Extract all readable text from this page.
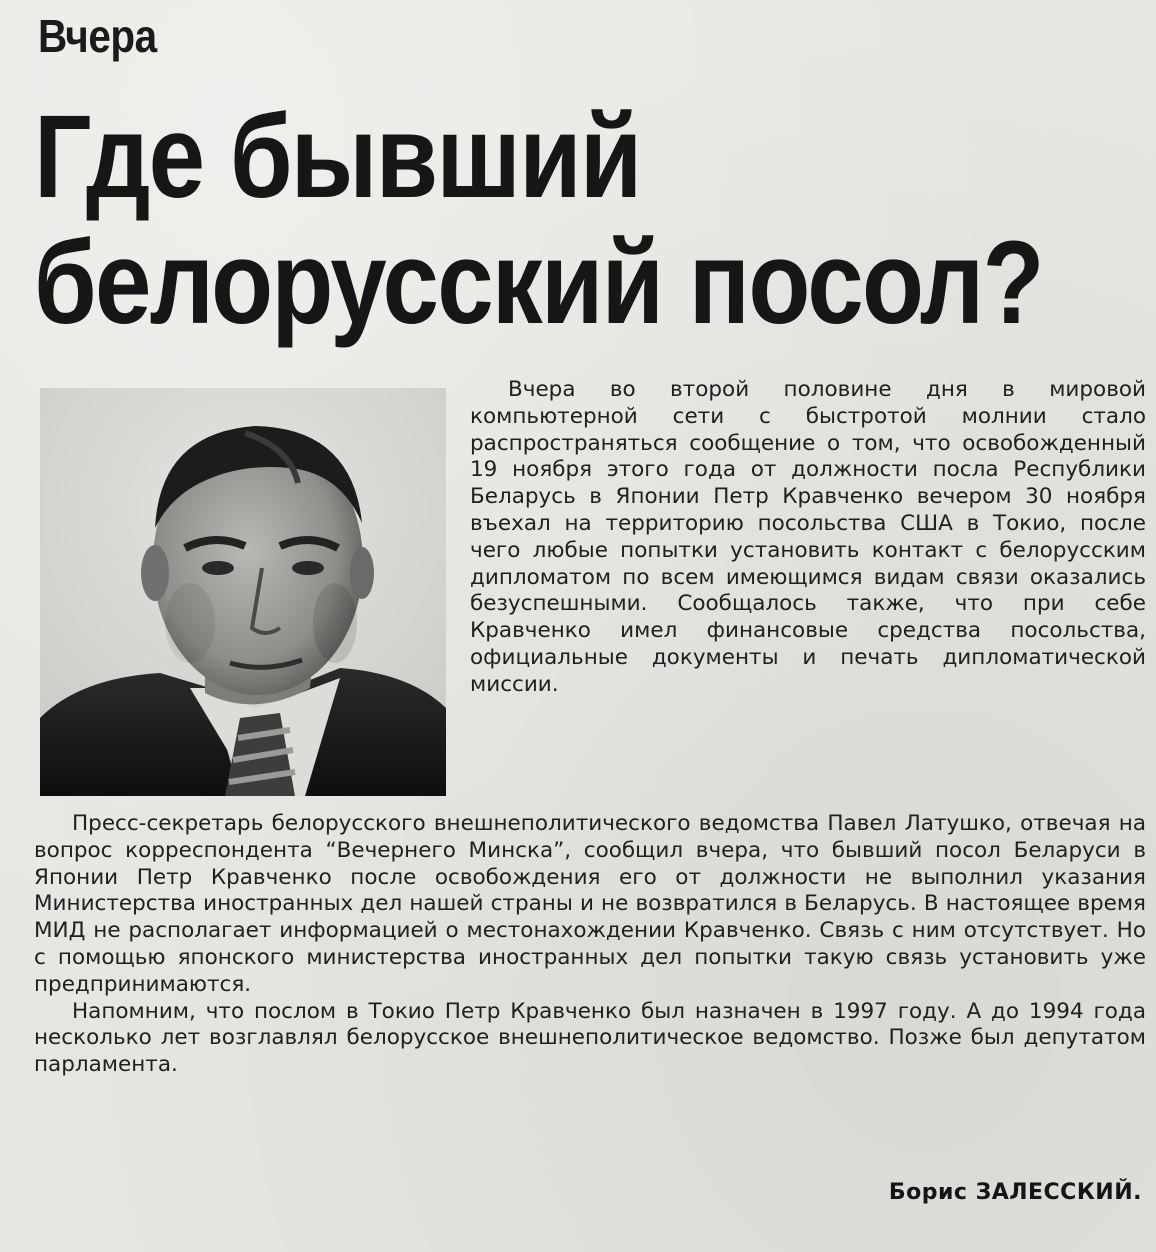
Вчера
Где бывший
белорусский посол?

Вчера во второй половине дня в мировой компьютерной сети с быстротой молнии стало распространяться сообщение о том, что освобожденный 19 ноября этого года от должности посла Республики Беларусь в Японии Петр Кравченко вечером 30 ноября въехал на территорию посольства США в Токио, после чего любые попытки установить контакт с белорусским дипломатом по всем имеющимся видам связи оказались безуспешными. Сообщалось также, что при себе Кравченко имел финансовые средства посольства, официальные документы и печать дипломатической миссии.

Пресс-секретарь белорусского внешнеполитического ведомства Павел Латушко, отвечая на вопрос корреспондента “Вечернего Минска”, сообщил вчера, что бывший посол Беларуси в Японии Петр Кравченко после освобождения его от должности не выполнил указания Министерства иностранных дел нашей страны и не возвратился в Беларусь. В настоящее время МИД не располагает информацией о местонахождении Кравченко. Связь с ним отсутствует. Но с помощью японского министерства иностранных дел попытки такую связь установить уже предпринимаются.

Напомним, что послом в Токио Петр Кравченко был назначен в 1997 году. А до 1994 года несколько лет возглавлял белорусское внешнеполитическое ведомство. Позже был депутатом парламента.

Борис ЗАЛЕССКИЙ.
